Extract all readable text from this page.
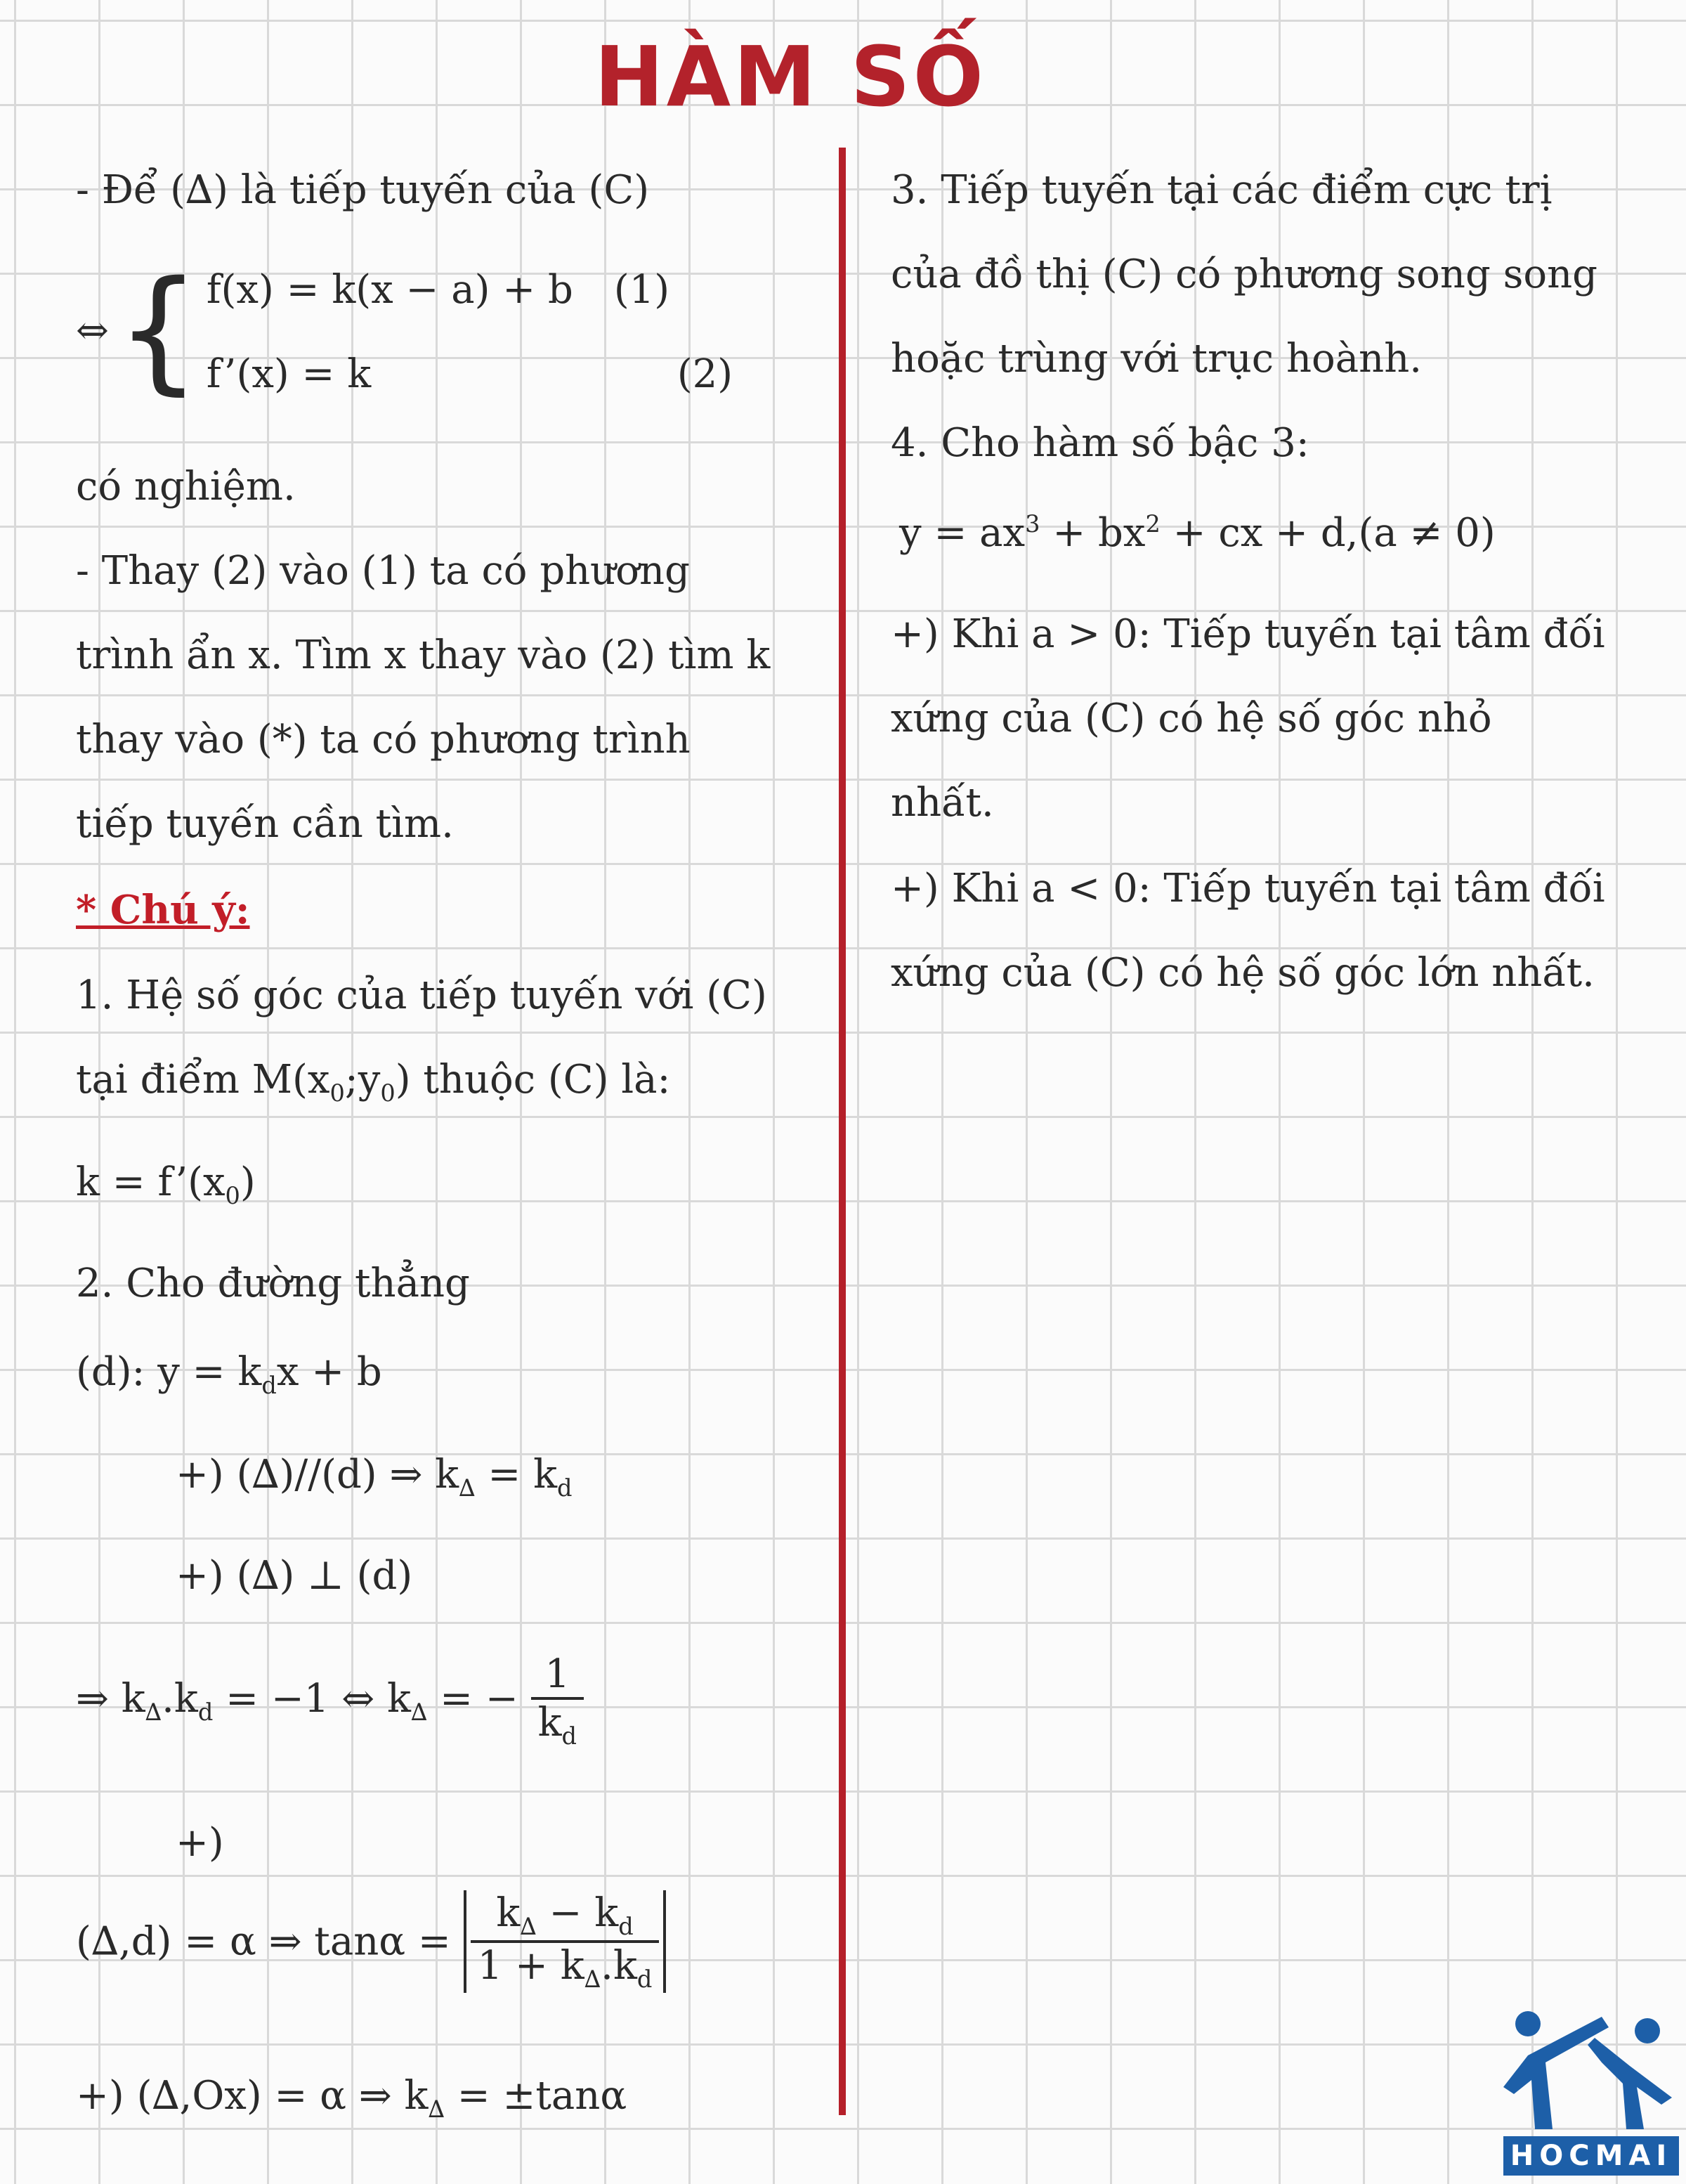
HÀM SỐ
- Để (∆) là tiếp tuyến của (C)
⇔ { f(x) = k(x − a) + b (1)
f’(x) = k	(2)
có nghiệm.
- Thay (2) vào (1) ta có phương
trình ẩn x. Tìm x thay vào (2) tìm k
thay vào (*) ta có phương trình
tiếp tuyến cần tìm.
* Chú ý:
1. Hệ số góc của tiếp tuyến với (C)
tại điểm $M(x_0;y_0)$ thuộc (C) là:
$k = f’(x_0)$
2. Cho đường thẳng
(d): $y = k_dx + b$
+) (∆)//(d) ⇒ $k_\Delta = k_d$
+) (∆) ⊥ (d)
⇒ $k_\Delta.k_d = -1$ ⇔ $k_\Delta$ = − $\frac{1}{k_d}$
+)
(∆,d) = α ⇒ $\tan\alpha = \frac{k_\Delta - k_d}{1 + k_\Delta.k_d}$
+) (∆,Ox) = α ⇒ $k_\Delta = \pm\tan\alpha$
3. Tiếp tuyến tại các điểm cực trị
của đồ thị (C) có phương song song
hoặc trùng với trục hoành.
4. Cho hàm số bậc 3:
$y = ax^3 + bx^2$ + cx + d,(a ≠ 0)
+) Khi a > 0: Tiếp tuyến tại tâm đối
xứng của (C) có hệ số góc nhỏ
nhất.
+) Khi a < 0: Tiếp tuyến tại tâm đối
xứng của (C) có hệ số góc lớn nhất.
HOCMAI
